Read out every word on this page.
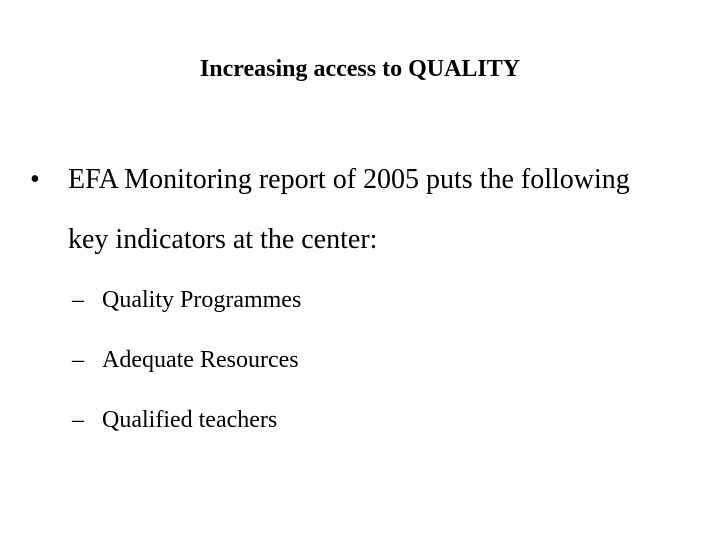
Increasing access to QUALITY
•	EFA Monitoring report of 2005 puts the following key indicators at the center:
– Quality Programmes
– Adequate Resources
– Qualified teachers
